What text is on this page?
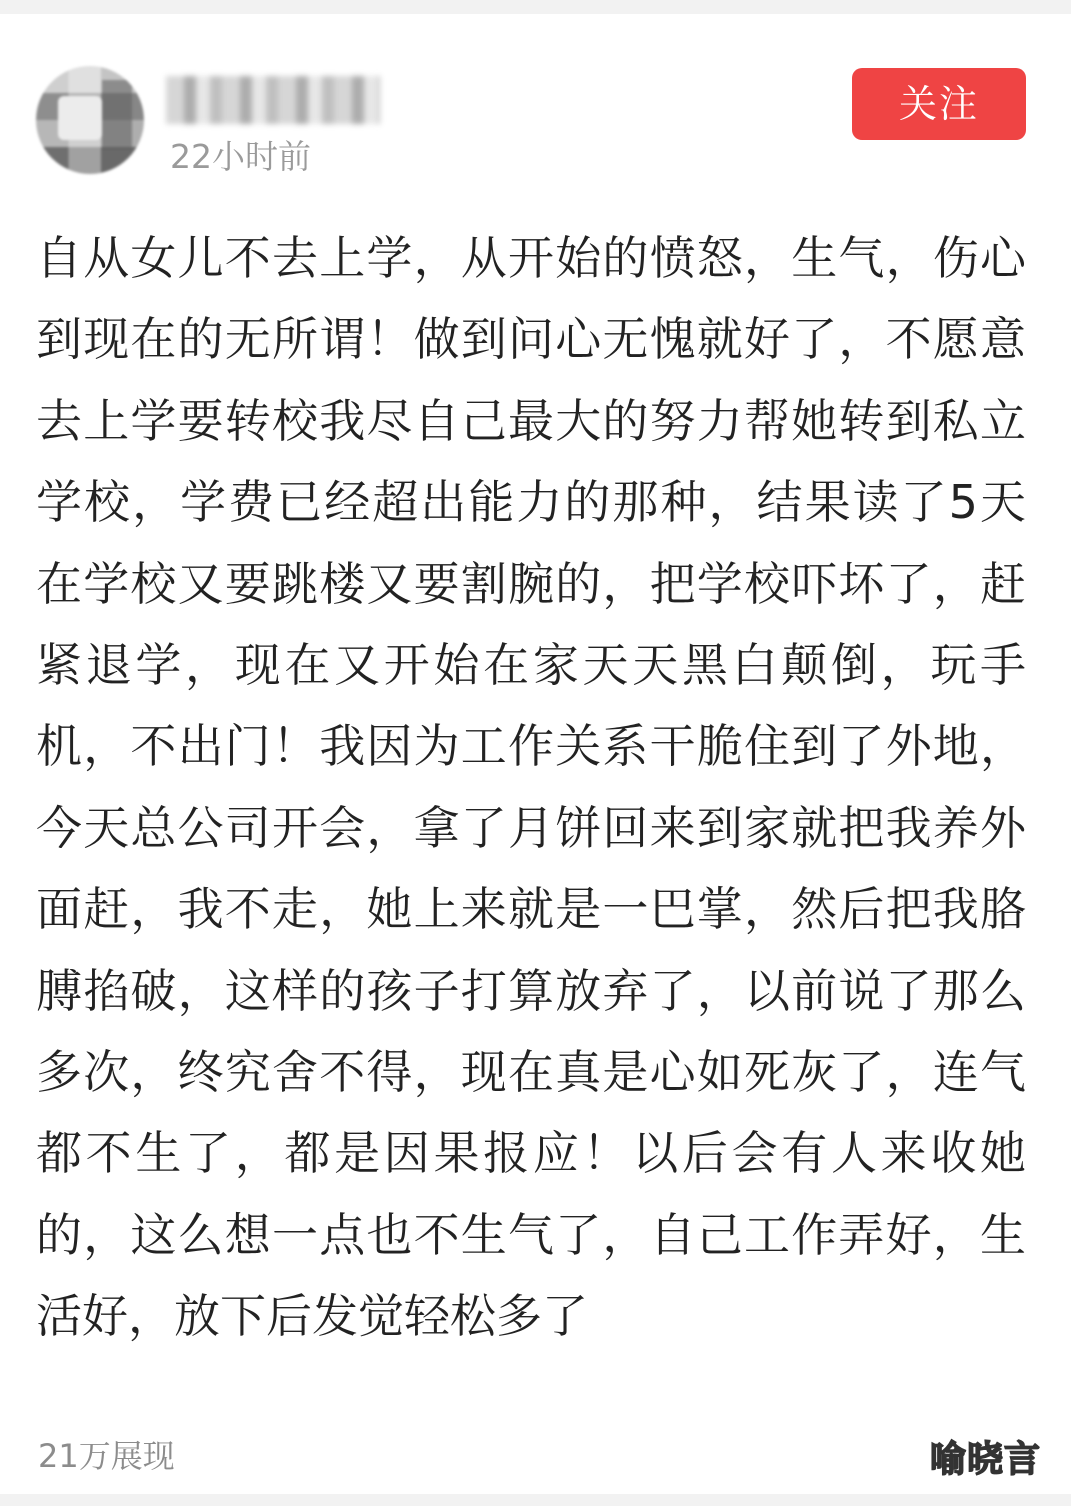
22小时前
关注

自从女儿不去上学，从开始的愤怒，生气，伤心到现在的无所谓！做到问心无愧就好了，不愿意去上学要转校我尽自己最大的努力帮她转到私立学校，学费已经超出能力的那种，结果读了5天在学校又要跳楼又要割腕的，把学校吓坏了，赶紧退学，现在又开始在家天天黑白颠倒，玩手机，不出门！我因为工作关系干脆住到了外地，今天总公司开会，拿了月饼回来到家就把我养外面赶，我不走，她上来就是一巴掌，然后把我胳膊掐破，这样的孩子打算放弃了，以前说了那么多次，终究舍不得，现在真是心如死灰了，连气都不生了，都是因果报应！以后会有人来收她的，这么想一点也不生气了，自己工作弄好，生活好，放下后发觉轻松多了

21万展现	喻晓言
